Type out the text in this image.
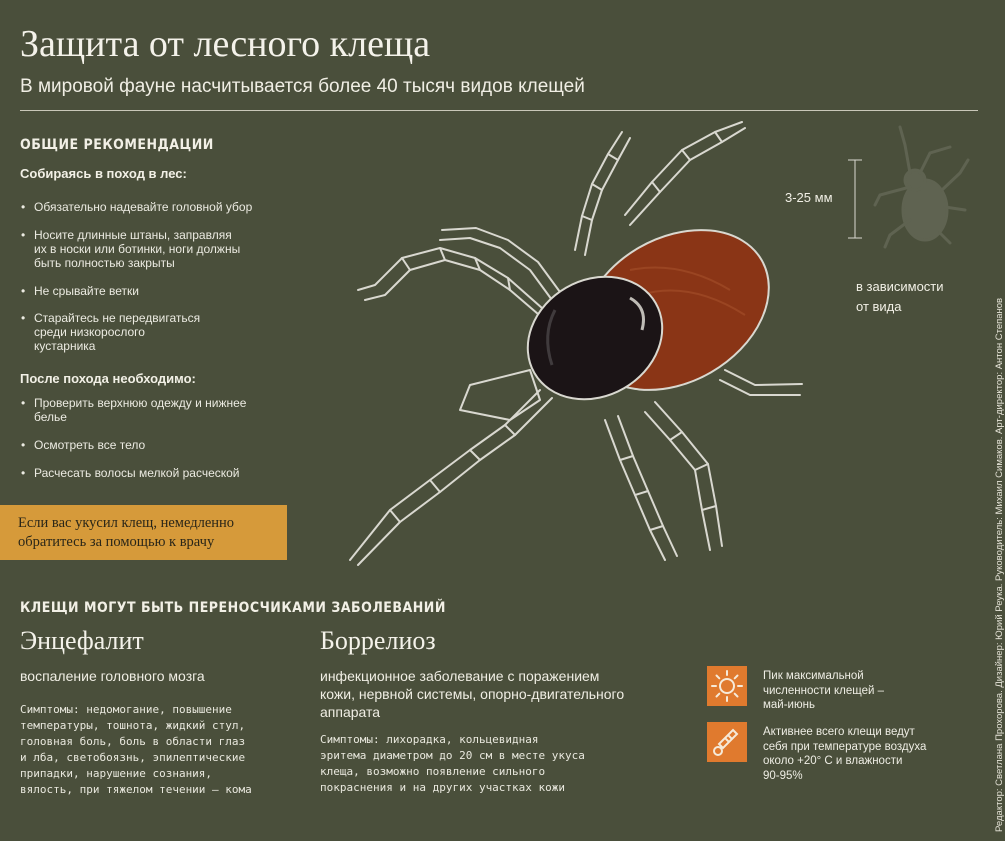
Защита от лесного клеща
В мировой фауне насчитывается более 40 тысяч видов клещей
ОБЩИЕ РЕКОМЕНДАЦИИ
Собираясь в поход в лес:
• Обязательно надевайте головной убор
• Носите длинные штаны, заправляя
их в носки или ботинки, ноги должны
быть полностью закрыты
• Не срывайте ветки
• Старайтесь не передвигаться
среди низкорослого
кустарника
После похода необходимо:
• Проверить верхнюю одежду и нижнее
белье
• Осмотреть все тело
• Расчесать волосы мелкой расческой
Если вас укусил клещ, немедленно
обратитесь за помощью к врачу
3-25 мм
в зависимости
от вида
КЛЕЩИ МОГУТ БЫТЬ ПЕРЕНОСЧИКАМИ ЗАБОЛЕВАНИЙ
Энцефалит
воспаление головного мозга
Симптомы: недомогание, повышение
температуры, тошнота, жидкий стул,
головная боль, боль в области глаз
и лба, светобоязнь, эпилептические
припадки, нарушение сознания,
вялость, при тяжелом течении – кома
Боррелиоз
инфекционное заболевание с поражением
кожи, нервной системы, опорно-двигательного
аппарата
Симптомы: лихорадка, кольцевидная
эритема диаметром до 20 см в месте укуса
клеща, возможно появление сильного
покраснения и на других участках кожи
Пик максимальной
численности клещей –
май-июнь
Активнее всего клещи ведут
себя при температуре воздуха
около +20° С и влажности
90-95%	Редактор: Светлана Прохорова. Дизайнер: Юрий Реука. Руководитель: Михаил Симаков. Арт-директор: Антон Степанов
